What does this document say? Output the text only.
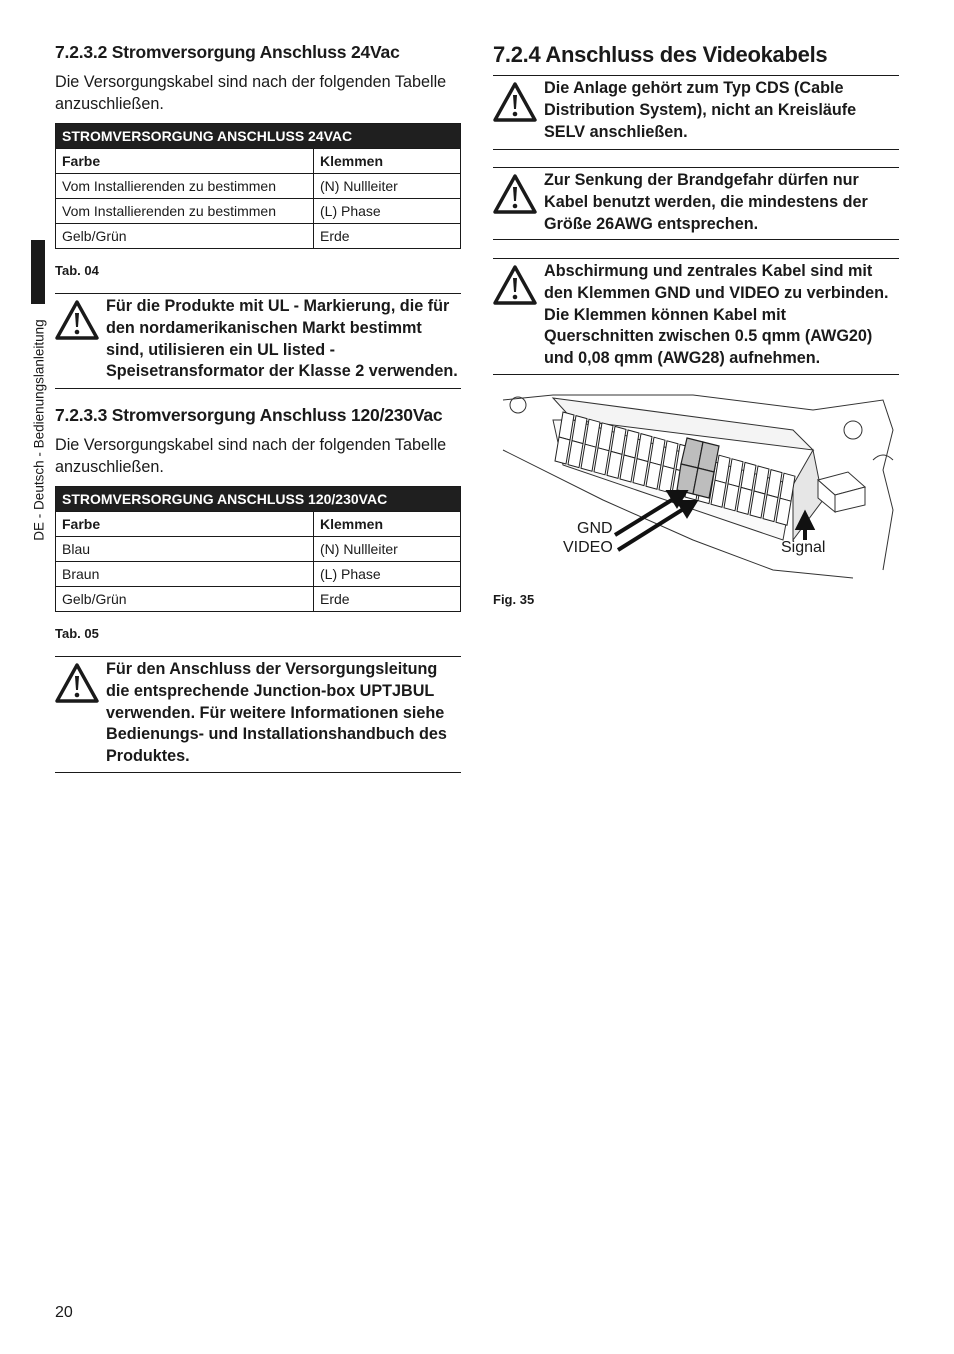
DE - Deutsch - Bedienungslanleitung
7.2.3.2 Stromversorgung Anschluss 24Vac

Die Versorgungskabel sind nach der folgenden Tabelle anzuschließen.

STROMVERSORGUNG ANSCHLUSS 24VAC	
Farbe	Klemmen
Vom Installierenden zu bestimmen	(N) Nullleiter
Vom Installierenden zu bestimmen	(L) Phase
Gelb/Grün	Erde
Tab. 04
Für die Produkte mit UL - Markierung, die für den nordamerikanischen Markt bestimmt sind, utilisieren ein UL listed - Speisetransformator der Klasse 2 verwenden.
7.2.3.3 Stromversorgung Anschluss 120/230Vac

Die Versorgungskabel sind nach der folgenden Tabelle anzuschließen.

STROMVERSORGUNG ANSCHLUSS 120/230VAC	
Farbe	Klemmen
Blau	(N) Nullleiter
Braun	(L) Phase
Gelb/Grün	Erde
Tab. 05
Für den Anschluss der Versorgungsleitung die entsprechende Junction-box UPTJBUL verwenden. Für weitere Informationen siehe Bedienungs- und Installationshandbuch des Produktes.
7.2.4 Anschluss des Videokabels
Die Anlage gehört zum Typ CDS (Cable Distribution System), nicht an Kreisläufe SELV anschließen.
Zur Senkung der Brandgefahr dürfen nur Kabel benutzt werden, die mindestens der Größe 26AWG entsprechen.
Abschirmung und zentrales Kabel sind mit den Klemmen GND und VIDEO zu verbinden. Die Klemmen können Kabel mit Querschnitten zwischen 0.5 qmm (AWG20) und 0,08 qmm (AWG28) aufnehmen.
GND
VIDEO	Signal
Fig. 35
20
